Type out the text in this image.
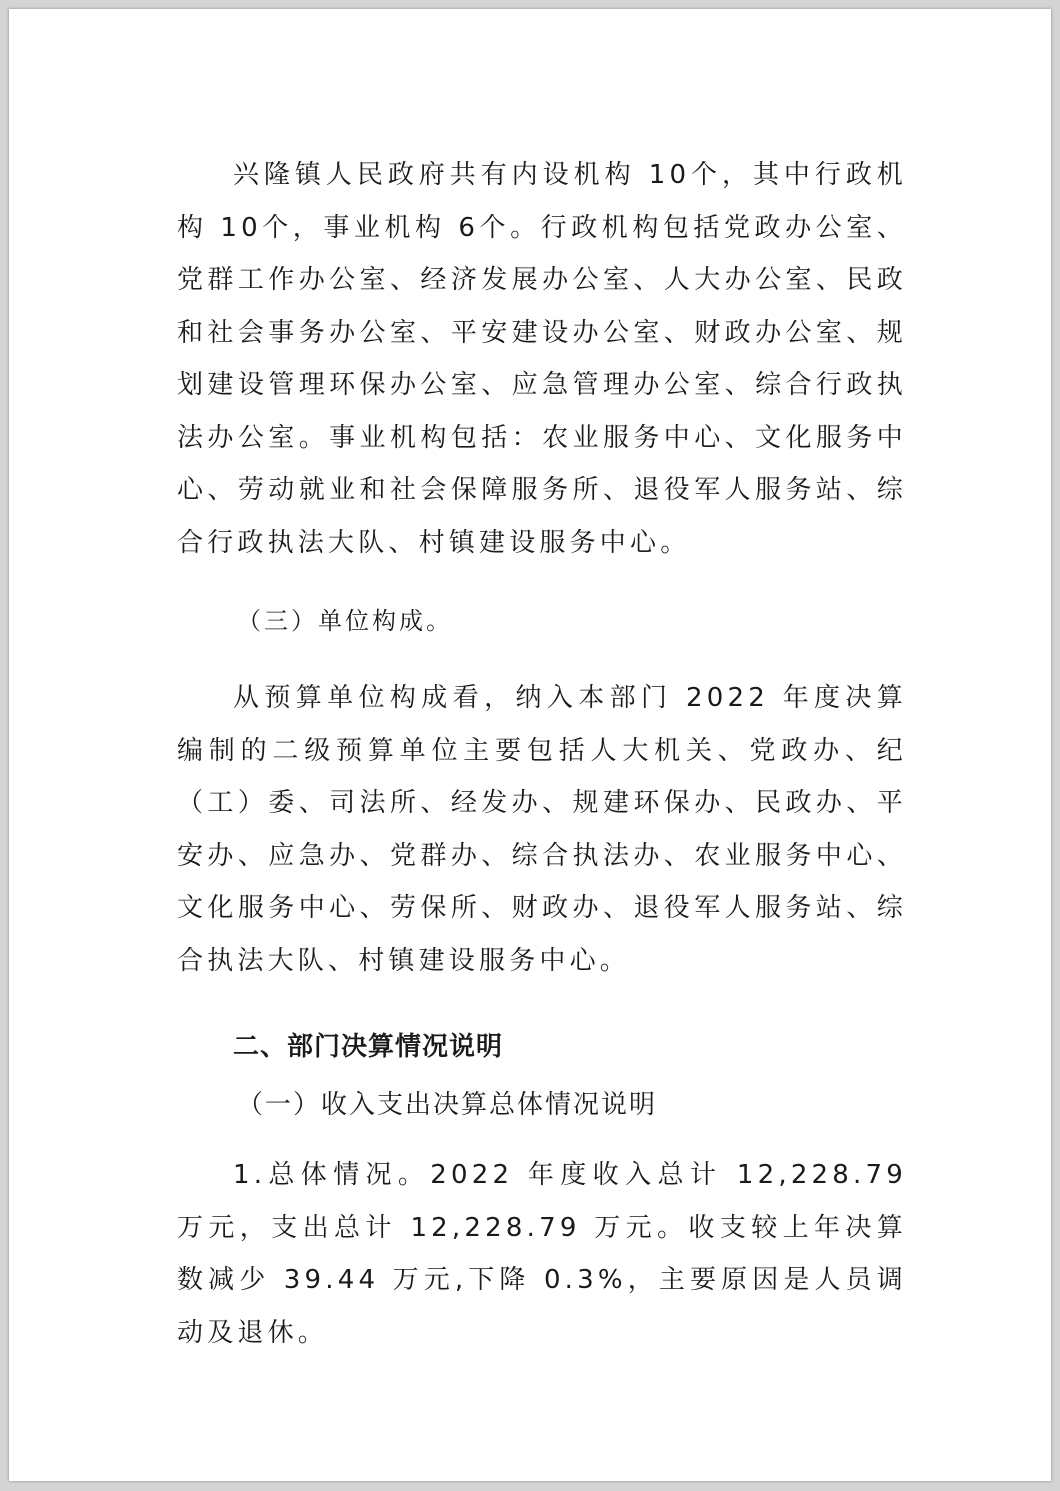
兴隆镇人民政府共有内设机构 10个，其中行政机构 10个，事业机构 6个。行政机构包括党政办公室、党群工作办公室、经济发展办公室、人大办公室、民政和社会事务办公室、平安建设办公室、财政办公室、规划建设管理环保办公室、应急管理办公室、综合行政执法办公室。事业机构包括：农业服务中心、文化服务中心、劳动就业和社会保障服务所、退役军人服务站、综合行政执法大队、村镇建设服务中心。

（三）单位构成。

从预算单位构成看，纳入本部门 2022 年度决算编制的二级预算单位主要包括人大机关、党政办、纪（工）委、司法所、经发办、规建环保办、民政办、平安办、应急办、党群办、综合执法办、农业服务中心、文化服务中心、劳保所、财政办、退役军人服务站、综合执法大队、村镇建设服务中心。

二、部门决算情况说明

（一）收入支出决算总体情况说明

1.总体情况。2022 年度收入总计 12,228.79 万元，支出总计 12,228.79 万元。收支较上年决算数减少 39.44 万元,下降 0.3%，主要原因是人员调动及退休。
